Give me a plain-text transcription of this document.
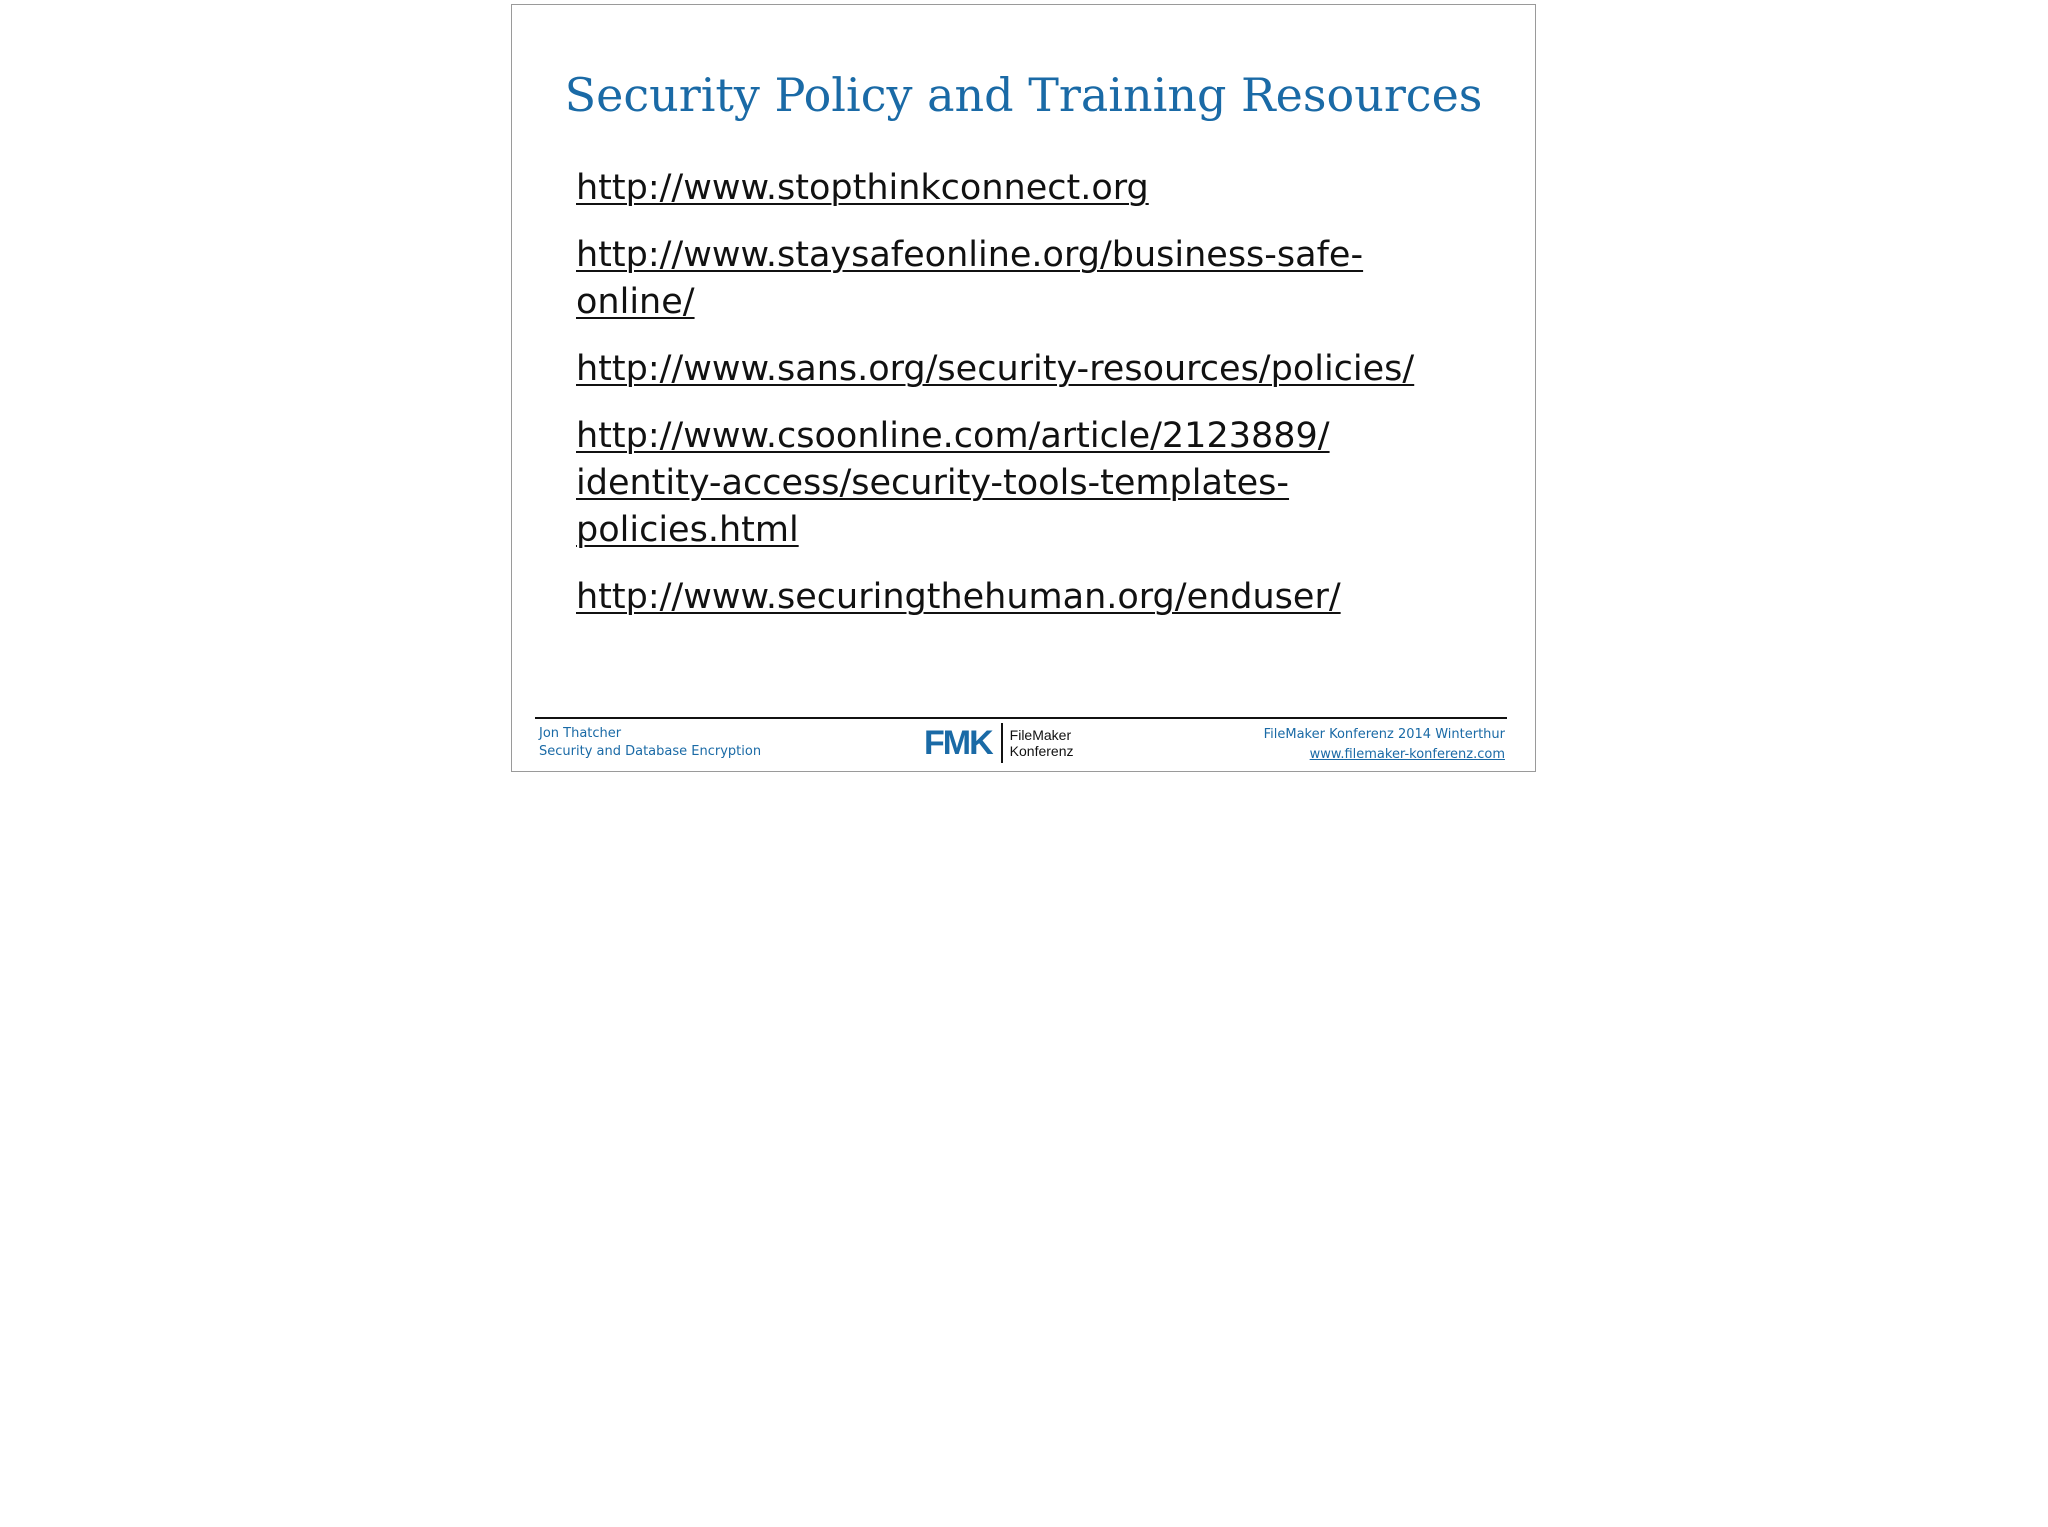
Security Policy and Training Resources
http://www.stopthinkconnect.org
http://www.staysafeonline.org/business-safe-
online/
http://www.sans.org/security-resources/policies/
http://www.csoonline.com/article/2123889/
identity-access/security-tools-templates-
policies.html
http://www.securingthehuman.org/enduser/
Jon Thatcher
Security and Database Encryption	FMK FileMaker
Konferenz
FileMaker Konferenz 2014 Winterthur
www.filemaker-konferenz.com
